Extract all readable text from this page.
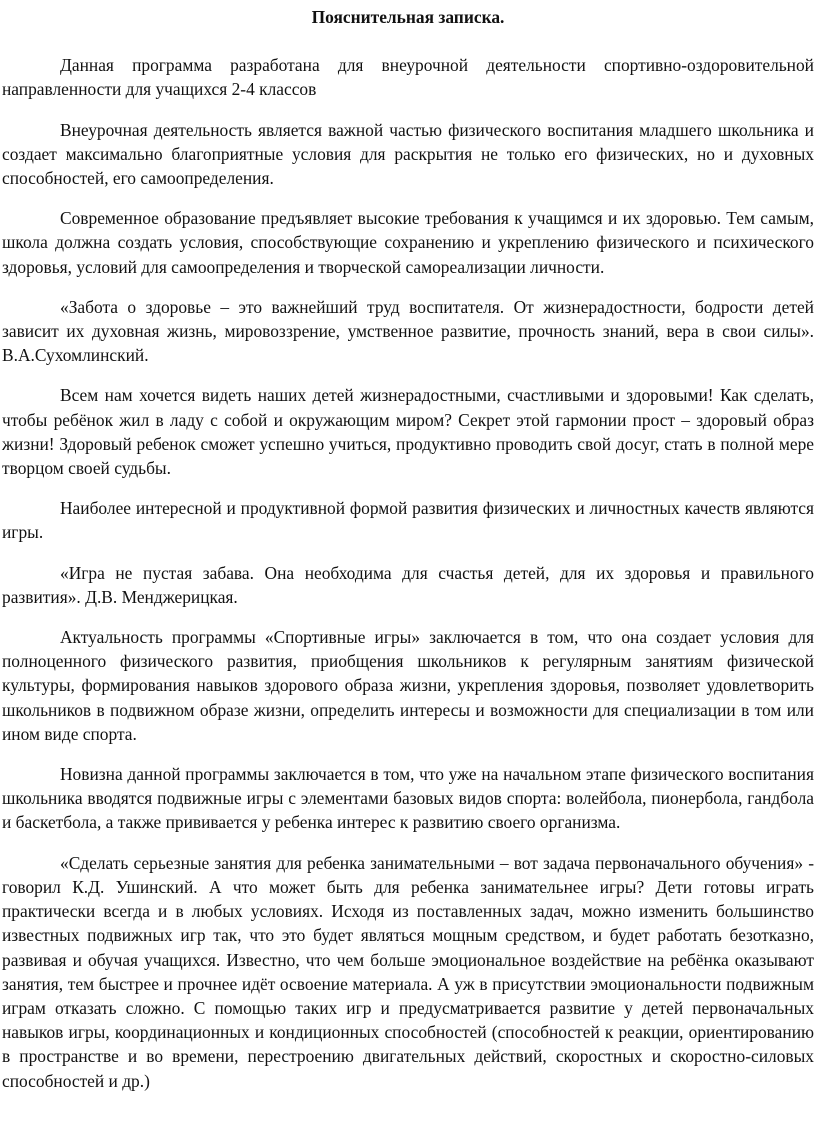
Пояснительная записка.

Данная программа разработана для внеурочной деятельности спортивно-оздоровительной направленности для учащихся 2-4 классов

Внеурочная деятельность является важной частью физического воспитания младшего школьника и создает максимально благоприятные условия для раскрытия не только его физических, но и духовных способностей, его самоопределения.

Современное образование предъявляет высокие требования к учащимся и их здоровью. Тем самым, школа должна создать условия, способствующие сохранению и укреплению физического и психического здоровья, условий для самоопределения и творческой самореализации личности.

«Забота о здоровье – это важнейший труд воспитателя. От жизнерадостности, бодрости детей зависит их духовная жизнь, мировоззрение, умственное развитие, прочность знаний, вера в свои силы». В.А.Сухомлинский.

Всем нам хочется видеть наших детей жизнерадостными, счастливыми и здоровыми! Как сделать, чтобы ребёнок жил в ладу с собой и окружающим миром? Секрет этой гармонии прост – здоровый образ жизни! Здоровый ребенок сможет успешно учиться, продуктивно проводить свой досуг, стать в полной мере творцом своей судьбы.

Наиболее интересной и продуктивной формой развития физических и личностных качеств являются игры.

«Игра не пустая забава. Она необходима для счастья детей, для их здоровья и правильного развития». Д.В. Менджерицкая.

Актуальность программы «Спортивные игры» заключается в том, что она создает условия для полноценного физического развития, приобщения школьников к регулярным занятиям физической культуры, формирования навыков здорового образа жизни, укрепления здоровья, позволяет удовлетворить школьников в подвижном образе жизни, определить интересы и возможности для специализации в том или ином виде спорта.

Новизна данной программы заключается в том, что уже на начальном этапе физического воспитания школьника вводятся подвижные игры с элементами базовых видов спорта: волейбола, пионербола, гандбола и баскетбола, а также прививается у ребенка интерес к развитию своего организма.

«Сделать серьезные занятия для ребенка занимательными – вот задача первоначального обучения» - говорил К.Д. Ушинский. А что может быть для ребенка занимательнее игры? Дети готовы играть практически всегда и в любых условиях. Исходя из поставленных задач, можно изменить большинство известных подвижных игр так, что это будет являться мощным средством, и будет работать безотказно, развивая и обучая учащихся. Известно, что чем больше эмоциональное воздействие на ребёнка оказывают занятия, тем быстрее и прочнее идёт освоение материала. А уж в присутствии эмоциональности подвижным играм отказать сложно. С помощью таких игр и предусматривается развитие у детей первоначальных навыков игры, координационных и кондиционных способностей (способностей к реакции, ориентированию в пространстве и во времени, перестроению двигательных действий, скоростных и скоростно-силовых способностей и др.)
